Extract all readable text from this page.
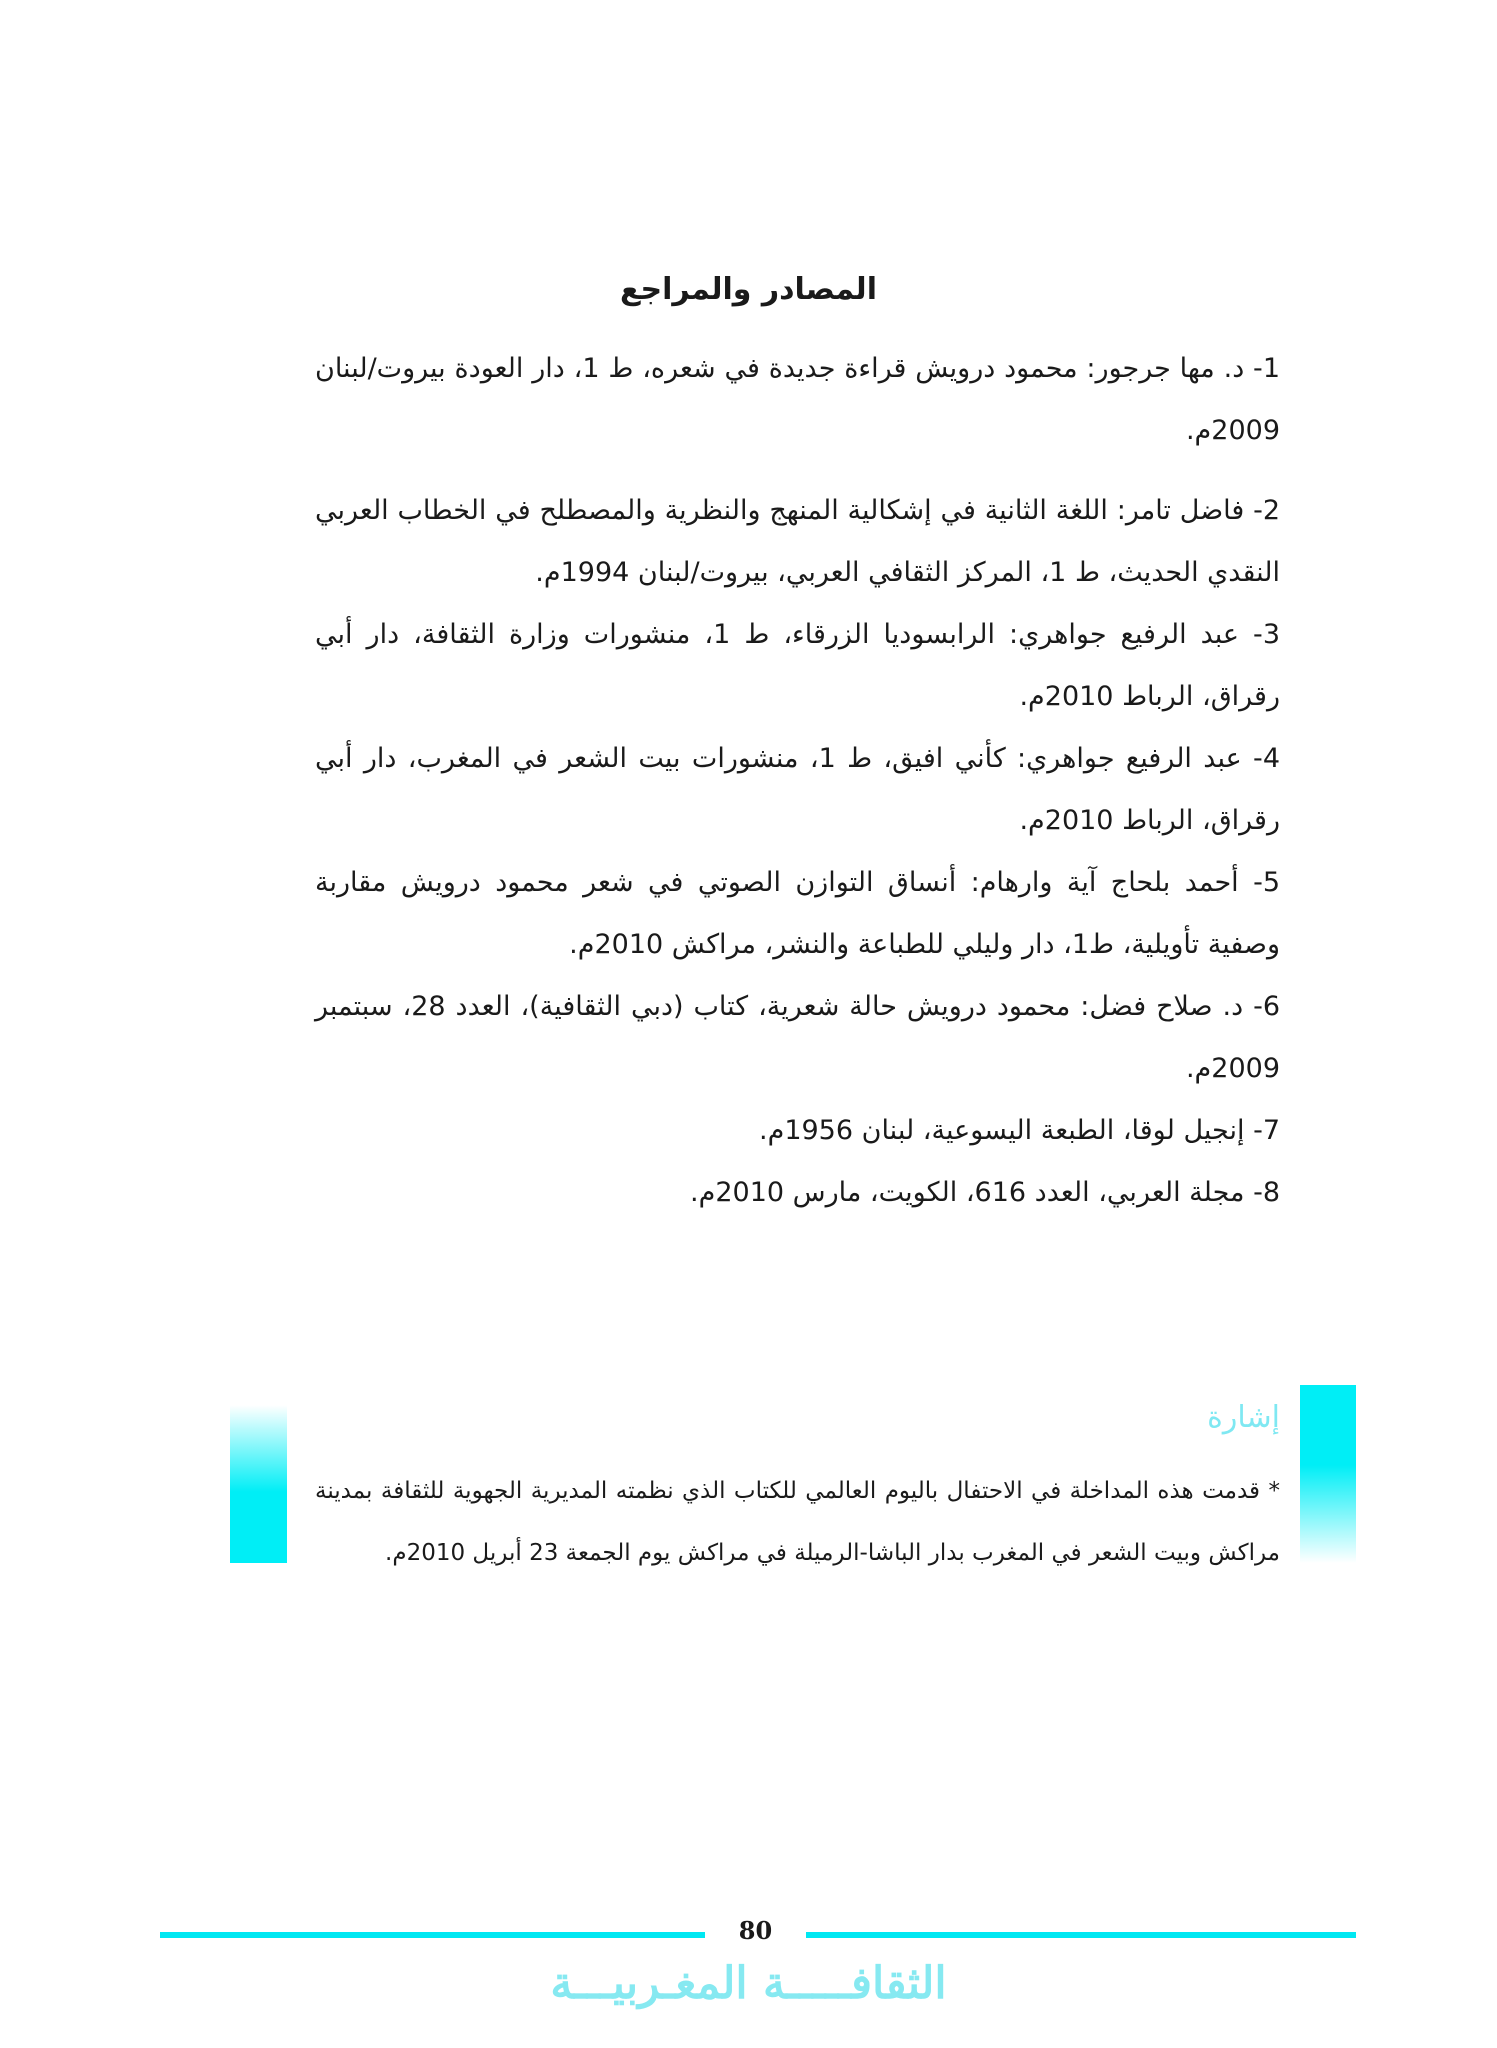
المصادر والمراجع

1- د. مها جرجور: محمود درويش قراءة جديدة في شعره، ط 1، دار العودة بيروت/لبنان 2009م.

2- فاضل تامر: اللغة الثانية في إشكالية المنهج والنظرية والمصطلح في الخطاب العربي النقدي الحديث، ط 1، المركز الثقافي العربي، بيروت/لبنان 1994م.

3- عبد الرفيع جواهري: الرابسوديا الزرقاء، ط 1، منشورات وزارة الثقافة، دار أبي رقراق، الرباط 2010م.

4- عبد الرفيع جواهري: كأني افيق، ط 1، منشورات بيت الشعر في المغرب، دار أبي رقراق، الرباط 2010م.

5- أحمد بلحاج آية وارهام: أنساق التوازن الصوتي في شعر محمود درويش مقاربة وصفية تأويلية، ط1، دار وليلي للطباعة والنشر، مراكش 2010م.

6- د. صلاح فضل: محمود درويش حالة شعرية، كتاب (دبي الثقافية)، العدد 28، سبتمبر 2009م.

7- إنجيل لوقا، الطبعة اليسوعية، لبنان 1956م.

8- مجلة العربي، العدد 616، الكويت، مارس 2010م.

إشارة

* قدمت هذه المداخلة في الاحتفال باليوم العالمي للكتاب الذي نظمته المديرية الجهوية للثقافة بمدينة مراكش وبيت الشعر في المغرب بدار الباشا-الرميلة في مراكش يوم الجمعة 23 أبريل 2010م.

80
الثقافـــــة المغـربيـــة
